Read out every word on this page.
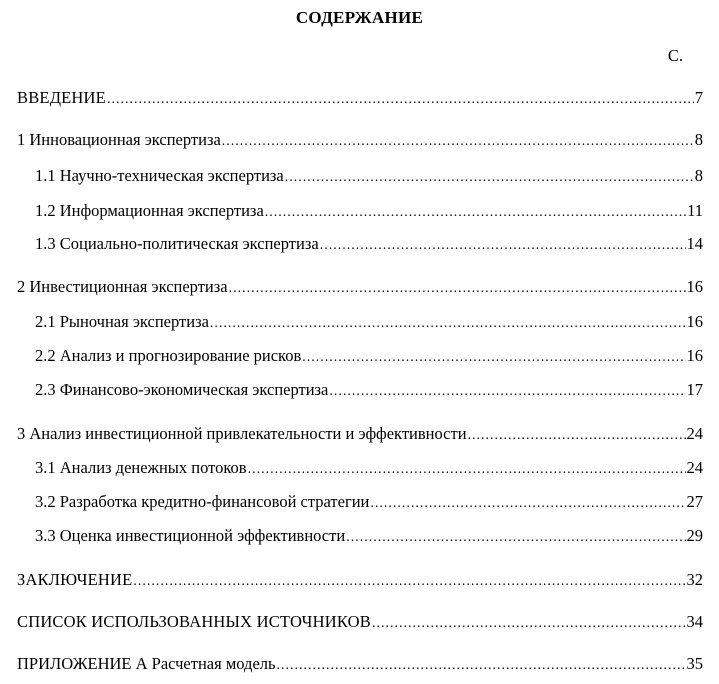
СОДЕРЖАНИЕ
С.
ВВЕДЕНИЕ .....	7
1 Инновационная экспертиза .....	8
1.1 Научно-техническая экспертиза .....	8
1.2 Информационная экспертиза .....	11
1.3 Социально-политическая экспертиза .....	14
2 Инвестиционная экспертиза .....	16
2.1 Рыночная экспертиза .....	16
2.2 Анализ и прогнозирование рисков .....	16
2.3 Финансово-экономическая экспертиза .....	17
3 Анализ инвестиционной привлекательности и эффективности .....	24
3.1 Анализ денежных потоков .....	24
3.2 Разработка кредитно-финансовой стратегии .....	27
3.3 Оценка инвестиционной эффективности .....	29
ЗАКЛЮЧЕНИЕ .....	32
СПИСОК ИСПОЛЬЗОВАННЫХ ИСТОЧНИКОВ .....	34
ПРИЛОЖЕНИЕ А Расчетная модель .....	35
